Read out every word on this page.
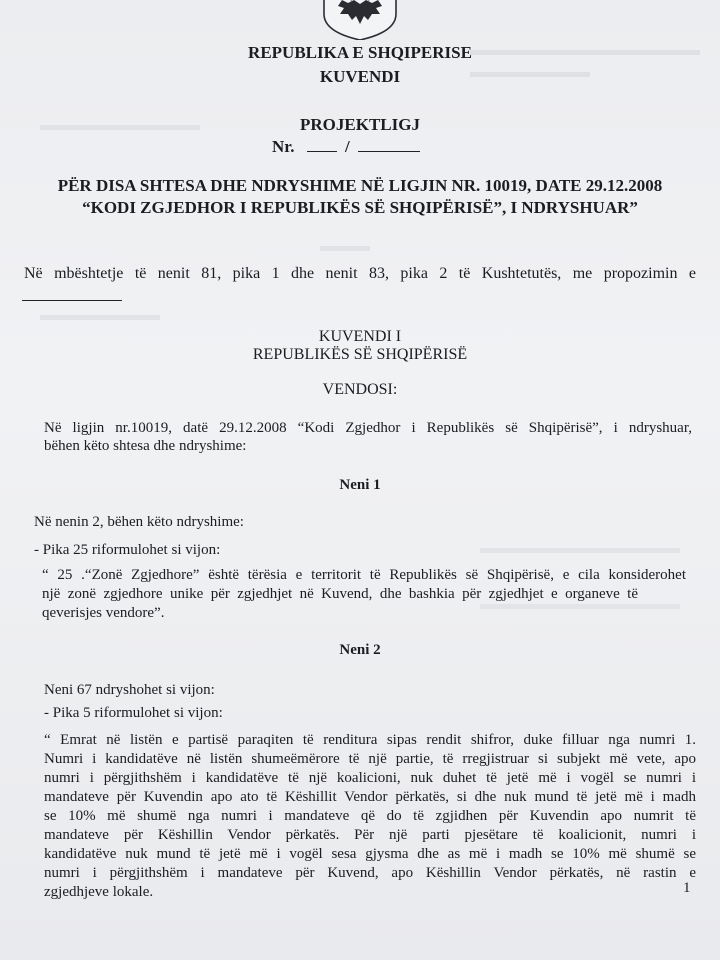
REPUBLIKA E SHQIPERISE
KUVENDI
PROJEKTLIGJ
Nr.	/
PËR DISA SHTESA DHE NDRYSHIME NË LIGJIN NR. 10019, DATE 29.12.2008
“KODI ZGJEDHOR I REPUBLIKËS SË SHQIPËRISË”, I NDRYSHUAR”
Në mbështetje të nenit 81, pika 1 dhe nenit 83, pika 2 të Kushtetutës, me propozimin e
KUVENDI I
REPUBLIKËS SË SHQIPËRISË
VENDOSI:
Në ligjin nr.10019, datë 29.12.2008 “Kodi Zgjedhor i Republikës së Shqipërisë”, i ndryshuar,
bëhen këto shtesa dhe ndryshime:
Neni 1
Në nenin 2, bëhen këto ndryshime:
- Pika 25 riformulohet si vijon:
“ 25 .“Zonë Zgjedhore” është tërësia e territorit të Republikës së Shqipërisë, e cila konsiderohet
një zonë zgjedhore unike për zgjedhjet në Kuvend, dhe bashkia për zgjedhjet e organeve të
qeverisjes vendore”.
Neni 2
Neni 67 ndryshohet si vijon:
- Pika 5 riformulohet si vijon:
“ Emrat në listën e partisë paraqiten të renditura sipas rendit shifror, duke filluar nga numri 1.
Numri i kandidatëve në listën shumeëmërore të një partie, të rregjistruar si subjekt më vete, apo
numri i përgjithshëm i kandidatëve të një koalicioni, nuk duhet të jetë më i vogël se numri i
mandateve për Kuvendin apo ato të Këshillit Vendor përkatës, si dhe nuk mund të jetë më i madh
se 10% më shumë nga numri i mandateve që do të zgjidhen për Kuvendin apo numrit të
mandateve për Këshillin Vendor përkatës. Për një parti pjesëtare të koalicionit, numri i
kandidatëve nuk mund të jetë më i vogël sesa gjysma dhe as më i madh se 10% më shumë se
numri i përgjithshëm i mandateve për Kuvend, apo Këshillin Vendor përkatës, në rastin e
zgjedhjeve lokale.	1
